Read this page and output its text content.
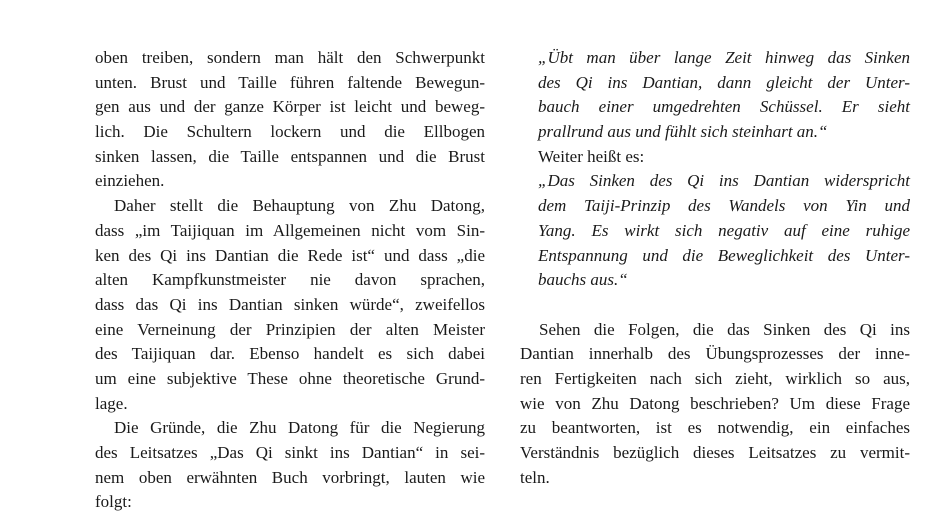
oben treiben, sondern man hält den Schwerpunkt
unten. Brust und Taille führen faltende Bewegun-
gen aus und der ganze Körper ist leicht und beweg-
lich. Die Schultern lockern und die Ellbogen
sinken lassen, die Taille entspannen und die Brust
einziehen.
Daher stellt die Behauptung von Zhu Datong,
dass „im Taijiquan im Allgemeinen nicht vom Sin-
ken des Qi ins Dantian die Rede ist“ und dass „die
alten Kampfkunstmeister nie davon sprachen,
dass das Qi ins Dantian sinken würde“, zweifellos
eine Verneinung der Prinzipien der alten Meister
des Taijiquan dar. Ebenso handelt es sich dabei
um eine subjektive These ohne theoretische Grund-
lage.
Die Gründe, die Zhu Datong für die Negierung
des Leitsatzes „Das Qi sinkt ins Dantian“ in sei-
nem oben erwähnten Buch vorbringt, lauten wie
folgt:
„Übt man über lange Zeit hinweg das Sinken
des Qi ins Dantian, dann gleicht der Unter-
bauch einer umgedrehten Schüssel. Er sieht
prallrund aus und fühlt sich steinhart an.“
Weiter heißt es:
„Das Sinken des Qi ins Dantian widerspricht
dem Taiji-Prinzip des Wandels von Yin und
Yang. Es wirkt sich negativ auf eine ruhige
Entspannung und die Beweglichkeit des Unter-
bauchs aus.“
Sehen die Folgen, die das Sinken des Qi ins
Dantian innerhalb des Übungsprozesses der inne-
ren Fertigkeiten nach sich zieht, wirklich so aus,
wie von Zhu Datong beschrieben? Um diese Frage
zu beantworten, ist es notwendig, ein einfaches
Verständnis bezüglich dieses Leitsatzes zu vermit-
teln.
